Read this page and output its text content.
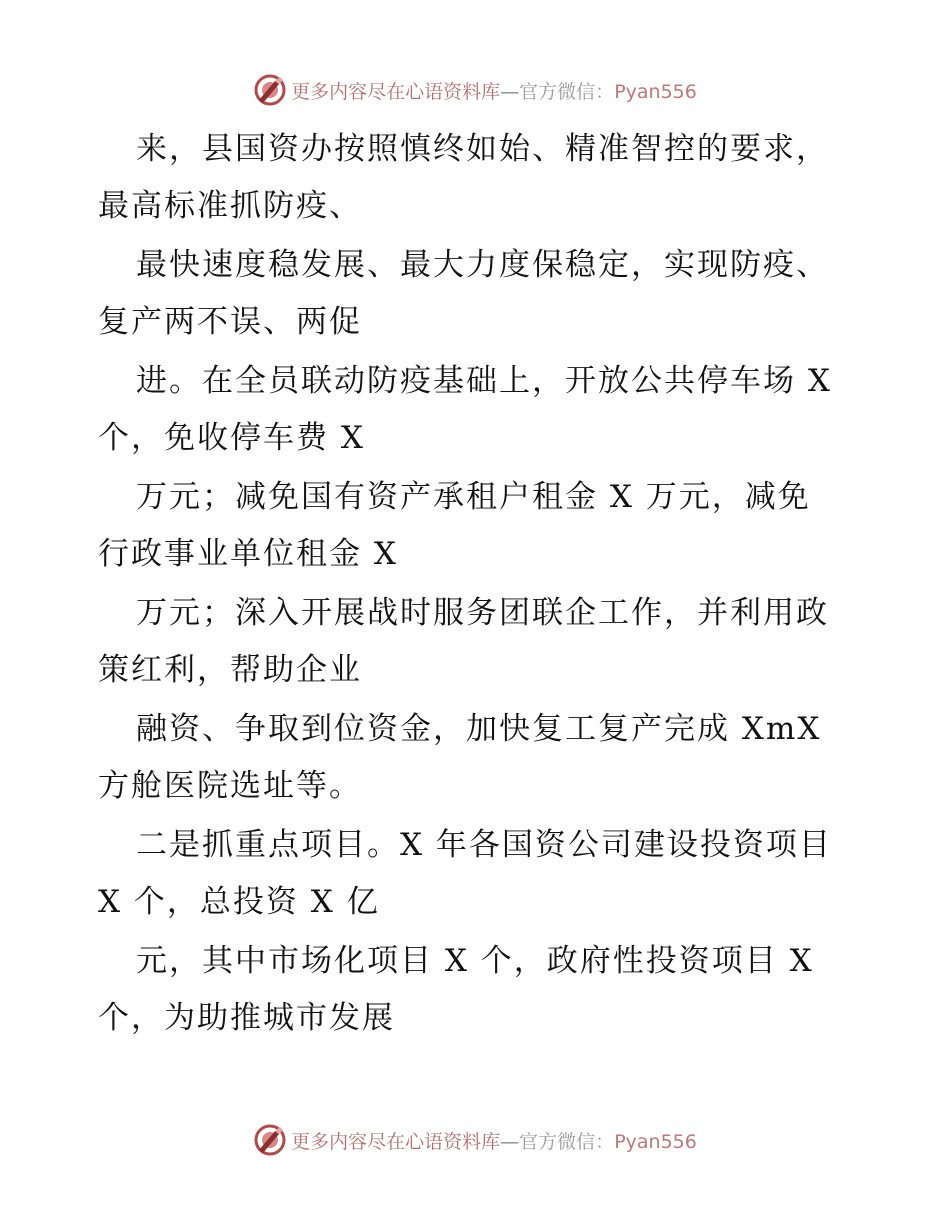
更多内容尽在心语资料库—官方微信：Pyan556
来，县国资办按照慎终如始、精准智控的要求，
最高标准抓防疫、
最快速度稳发展、最大力度保稳定，实现防疫、
复产两不误、两促
进。在全员联动防疫基础上，开放公共停车场 X
个，免收停车费 X
万元；减免国有资产承租户租金 X 万元，减免
行政事业单位租金 X
万元；深入开展战时服务团联企工作，并利用政
策红利，帮助企业
融资、争取到位资金，加快复工复产完成 XmX
方舱医院选址等。
二是抓重点项目。X 年各国资公司建设投资项目
X 个，总投资 X 亿
元，其中市场化项目 X 个，政府性投资项目 X
个，为助推城市发展
更多内容尽在心语资料库—官方微信：Pyan556
